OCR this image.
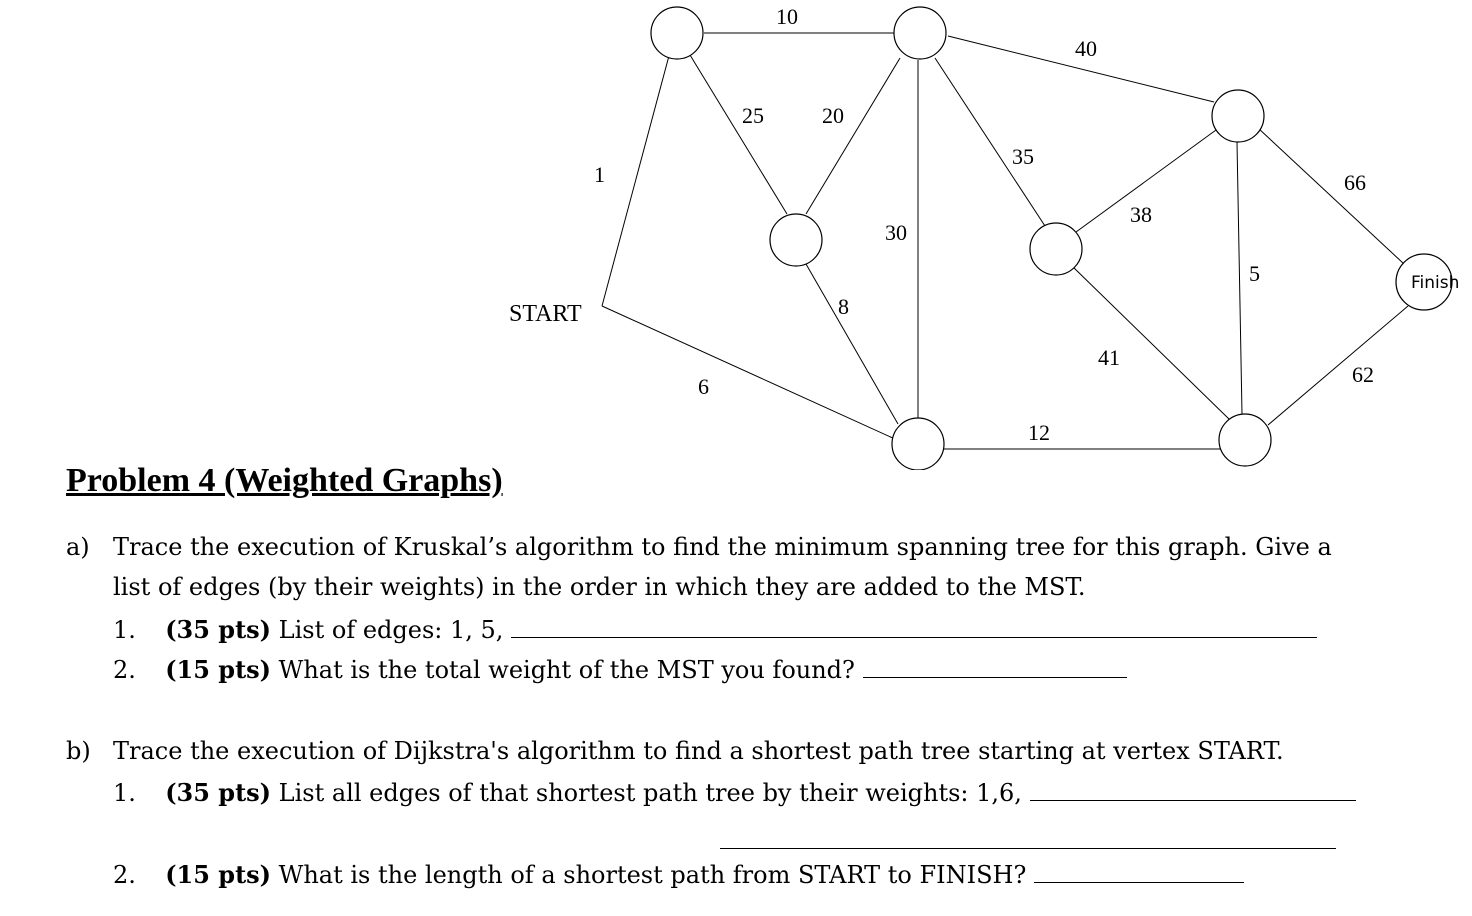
START
Finish
1
6
10
25	20
8
30
35
40
38
41
12
5
66
62
Problem 4 (Weighted Graphs)
a) Trace the execution of Kruskal’s algorithm to find the minimum spanning tree for this graph. Give a
list of edges (by their weights) in the order in which they are added to the MST.
1. (35 pts) List of edges: 1, 5,
2. (15 pts) What is the total weight of the MST you found?
b) Trace the execution of Dijkstra's algorithm to find a shortest path tree starting at vertex START.
1. (35 pts) List all edges of that shortest path tree by their weights: 1,6,
2. (15 pts) What is the length of a shortest path from START to FINISH?
